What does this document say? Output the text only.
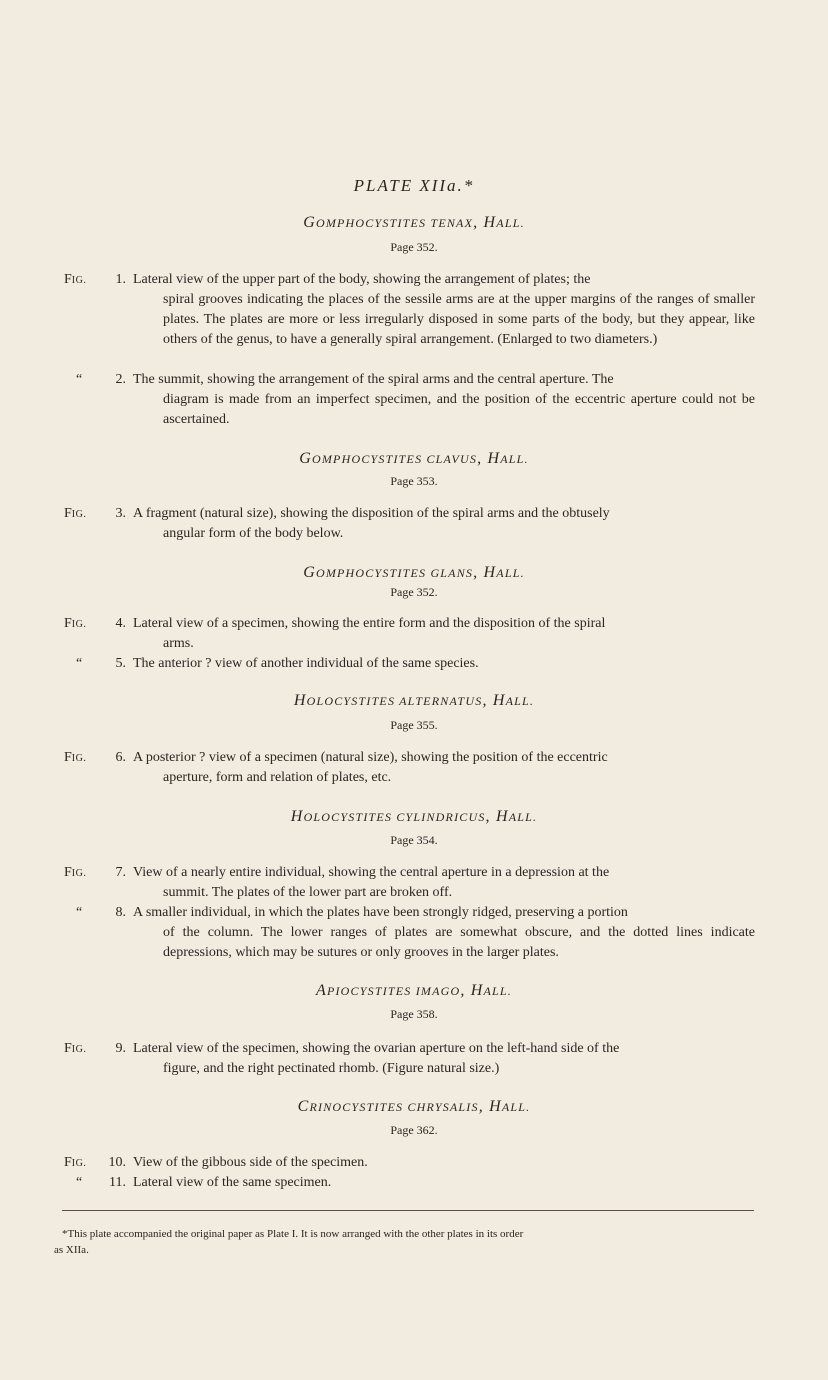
PLATE XIIa.*
GOMPHOCYSTITES TENAX, HALL.
Page 352.
FIG.	1. Lateral view of the upper part of the body, showing the arrangement of plates; the
spiral grooves indicating the places of the sessile arms are at the upper margins of the ranges of smaller plates. The plates are more or less irregularly disposed in some parts of the body, but they appear, like others of the genus, to have a generally spiral arrangement. (Enlarged to two diameters.)
“	2. The summit, showing the arrangement of the spiral arms and the central aperture. The
diagram is made from an imperfect specimen, and the position of the eccentric aperture could not be ascertained.
GOMPHOCYSTITES CLAVUS, HALL.
Page 353.
FIG.	3. A fragment (natural size), showing the disposition of the spiral arms and the obtusely
angular form of the body below.
GOMPHOCYSTITES GLANS, HALL.
Page 352.
FIG.	4. Lateral view of a specimen, showing the entire form and the disposition of the spiral
arms.
“	5. The anterior ? view of another individual of the same species.
HOLOCYSTITES ALTERNATUS, HALL.
Page 355.
FIG.	6. A posterior ? view of a specimen (natural size), showing the position of the eccentric
aperture, form and relation of plates, etc.
HOLOCYSTITES CYLINDRICUS, HALL.
Page 354.
FIG.	7. View of a nearly entire individual, showing the central aperture in a depression at the
summit. The plates of the lower part are broken off.
“	8. A smaller individual, in which the plates have been strongly ridged, preserving a portion
of the column. The lower ranges of plates are somewhat obscure, and the dotted lines indicate depressions, which may be sutures or only grooves in the larger plates.
APIOCYSTITES IMAGO, HALL.
Page 358.
FIG.	9. Lateral view of the specimen, showing the ovarian aperture on the left-hand side of the
figure, and the right pectinated rhomb. (Figure natural size.)
CRINOCYSTITES CHRYSALIS, HALL.
Page 362.
FIG.	10. View of the gibbous side of the specimen.
“	11. Lateral view of the same specimen.
*This plate accompanied the original paper as Plate I. It is now arranged with the other plates in its order
as XIIa.
